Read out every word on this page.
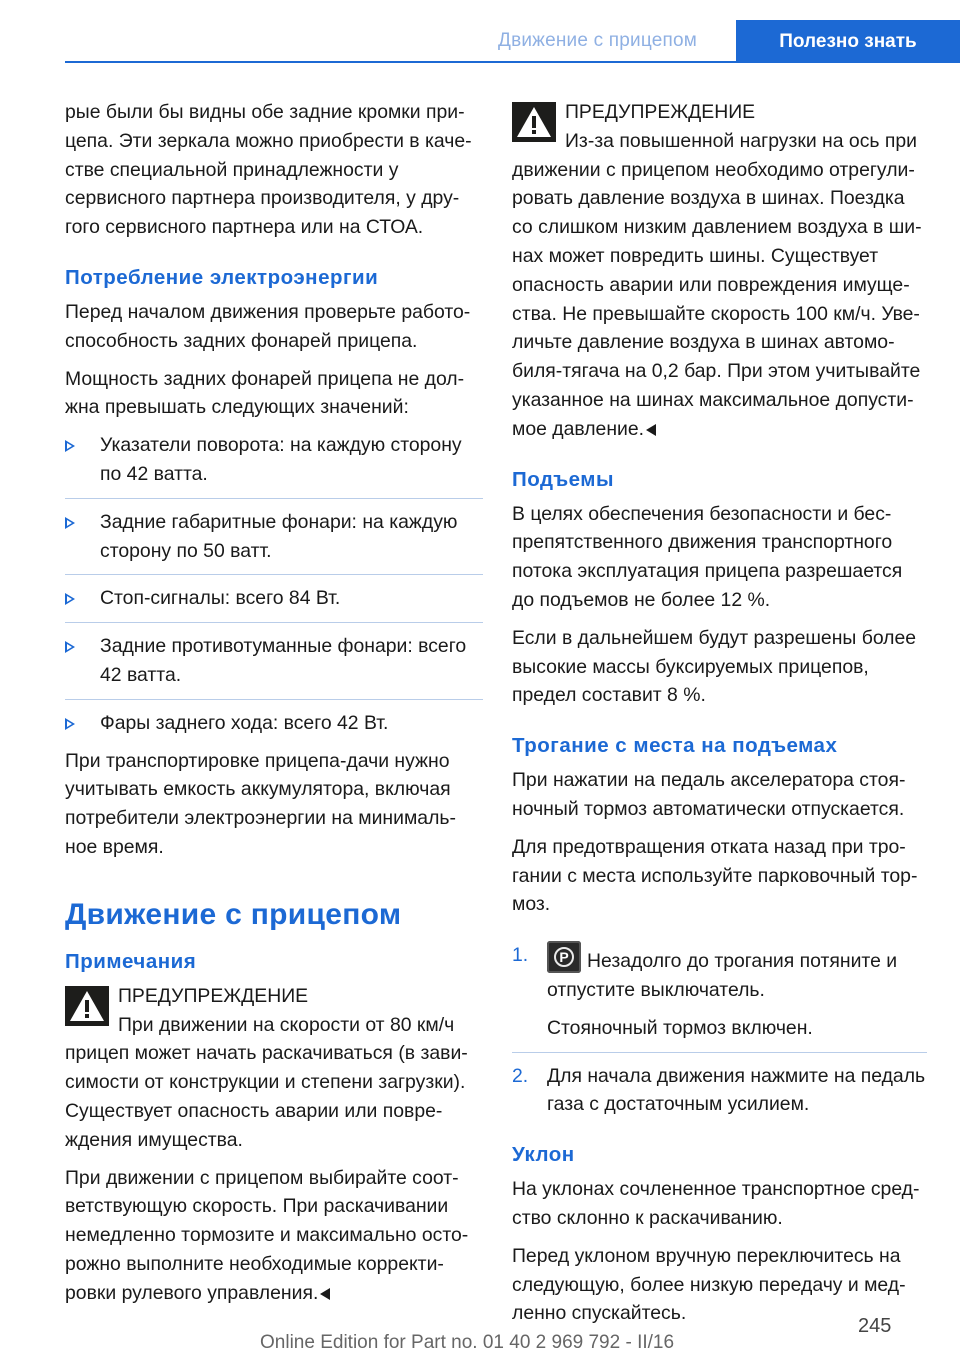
Движение с прицепом	Полезно знать

рые были бы видны обе задние кромки при-цепа. Эти зеркала можно приобрести в каче-стве специальной принадлежности у сервисного партнера производителя, у дру-гого сервисного партнера или на СТОА.

Потребление электроэнергии

Перед началом движения проверьте работо-способность задних фонарей прицепа.

Мощность задних фонарей прицепа не дол-жна превышать следующих значений:

Указатели поворота: на каждую сторону по 42 ватта.

Задние габаритные фонари: на каждую сторону по 50 ватт.

Стоп-сигналы: всего 84 Вт.

Задние противотуманные фонари: всего 42 ватта.

Фары заднего хода: всего 42 Вт.

При транспортировке прицепа-дачи нужно учитывать емкость аккумулятора, включая потребители электроэнергии на минималь-ное время.

Движение с прицепом
Примечания

ПРЕДУПРЕЖДЕНИЕ

При движении на скорости от 80 км/ч прицеп может начать раскачиваться (в зави-симости от конструкции и степени загрузки). Существует опасность аварии или повре-ждения имущества.

При движении с прицепом выбирайте соот-ветствующую скорость. При раскачивании немедленно тормозите и максимально осто-рожно выполните необходимые корректи-ровки рулевого управления.

ПРЕДУПРЕЖДЕНИЕ

Из-за повышенной нагрузки на ось при движении с прицепом необходимо отрегули-ровать давление воздуха в шинах. Поездка со слишком низким давлением воздуха в ши-нах может повредить шины. Существует опасность аварии или повреждения имуще-ства. Не превышайте скорость 100 км/ч. Уве-личьте давление воздуха в шинах автомо-биля-тягача на 0,2 бар. При этом учитывайте указанное на шинах максимальное допусти-мое давление.

Подъемы

В целях обеспечения безопасности и бес-препятственного движения транспортного потока эксплуатация прицепа разрешается до подъемов не более 12 %.

Если в дальнейшем будут разрешены более высокие массы буксируемых прицепов, предел составит 8 %.

Трогание с места на подъемах

При нажатии на педаль акселератора стоя-ночный тормоз автоматически отпускается.

Для предотвращения отката назад при тро-гании с места используйте парковочный тор-моз.

1.	P Незадолго до трогания потяните и отпустите выключатель.

Стояночный тормоз включен.

2. Для начала движения нажмите на педаль газа с достаточным усилием.

Уклон

На уклонах сочлененное транспортное сред-ство склонно к раскачиванию.

Перед уклоном вручную переключитесь на следующую, более низкую передачу и мед-ленно спускайтесь.

245
Online Edition for Part no. 01 40 2 969 792 - II/16
